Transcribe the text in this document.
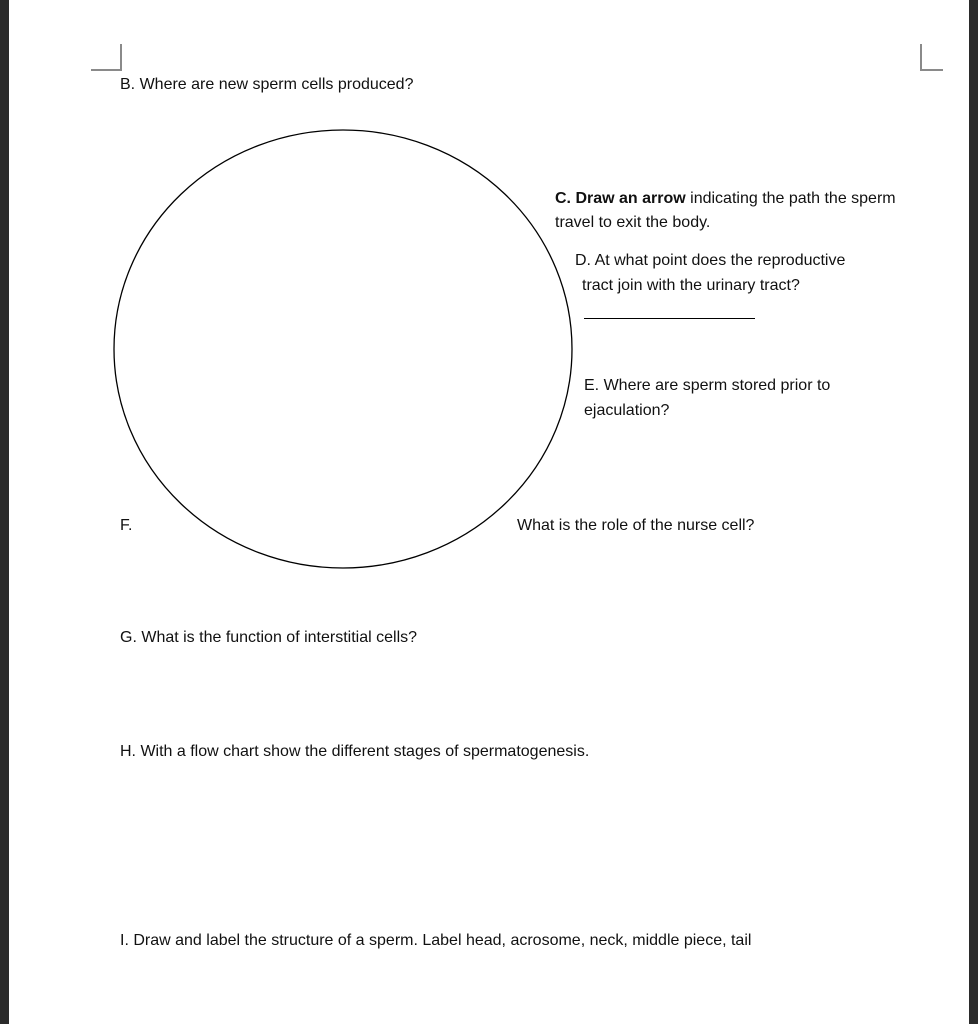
B. Where are new sperm cells produced?
C. Draw an arrow indicating the path the sperm
travel to exit the body.
D. At what point does the reproductive
tract join with the urinary tract?
E. Where are sperm stored prior to
ejaculation?
F.	What is the role of the nurse cell?
G. What is the function of interstitial cells?
H. With a flow chart show the different stages of spermatogenesis.
I. Draw and label the structure of a sperm. Label head, acrosome, neck, middle piece, tail
